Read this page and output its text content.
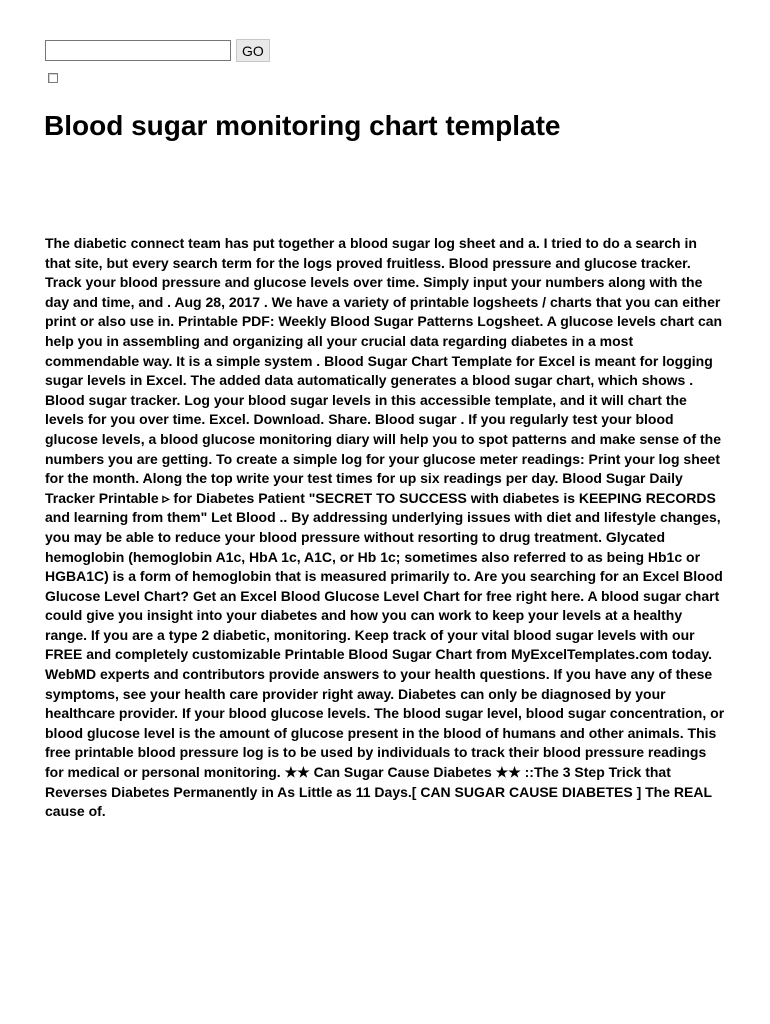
GO
Blood sugar monitoring chart template

The diabetic connect team has put together a blood sugar log sheet and a. I tried to do a search in that site, but every search term for the logs proved fruitless. Blood pressure and glucose tracker. Track your blood pressure and glucose levels over time. Simply input your numbers along with the day and time, and . Aug 28, 2017 . We have a variety of printable logsheets / charts that you can either print or also use in. Printable PDF: Weekly Blood Sugar Patterns Logsheet. A glucose levels chart can help you in assembling and organizing all your crucial data regarding diabetes in a most commendable way. It is a simple system . Blood Sugar Chart Template for Excel is meant for logging sugar levels in Excel. The added data automatically generates a blood sugar chart, which shows . Blood sugar tracker. Log your blood sugar levels in this accessible template, and it will chart the levels for you over time. Excel. Download. Share. Blood sugar . If you regularly test your blood glucose levels, a blood glucose monitoring diary will help you to spot patterns and make sense of the numbers you are getting. To create a simple log for your glucose meter readings: Print your log sheet for the month. Along the top write your test times for up six readings per day. Blood Sugar Daily Tracker Printable ▹ for Diabetes Patient "SECRET TO SUCCESS with diabetes is KEEPING RECORDS and learning from them" Let Blood .. By addressing underlying issues with diet and lifestyle changes, you may be able to reduce your blood pressure without resorting to drug treatment. Glycated hemoglobin (hemoglobin A1c, HbA 1c, A1C, or Hb 1c; sometimes also referred to as being Hb1c or HGBA1C) is a form of hemoglobin that is measured primarily to. Are you searching for an Excel Blood Glucose Level Chart? Get an Excel Blood Glucose Level Chart for free right here. A blood sugar chart could give you insight into your diabetes and how you can work to keep your levels at a healthy range. If you are a type 2 diabetic, monitoring. Keep track of your vital blood sugar levels with our FREE and completely customizable Printable Blood Sugar Chart from MyExcelTemplates.com today. WebMD experts and contributors provide answers to your health questions. If you have any of these symptoms, see your health care provider right away. Diabetes can only be diagnosed by your healthcare provider. If your blood glucose levels. The blood sugar level, blood sugar concentration, or blood glucose level is the amount of glucose present in the blood of humans and other animals. This free printable blood pressure log is to be used by individuals to track their blood pressure readings for medical or personal monitoring. ★★ Can Sugar Cause Diabetes ★★ ::The 3 Step Trick that Reverses Diabetes Permanently in As Little as 11 Days.[ CAN SUGAR CAUSE DIABETES ] The REAL cause of.
